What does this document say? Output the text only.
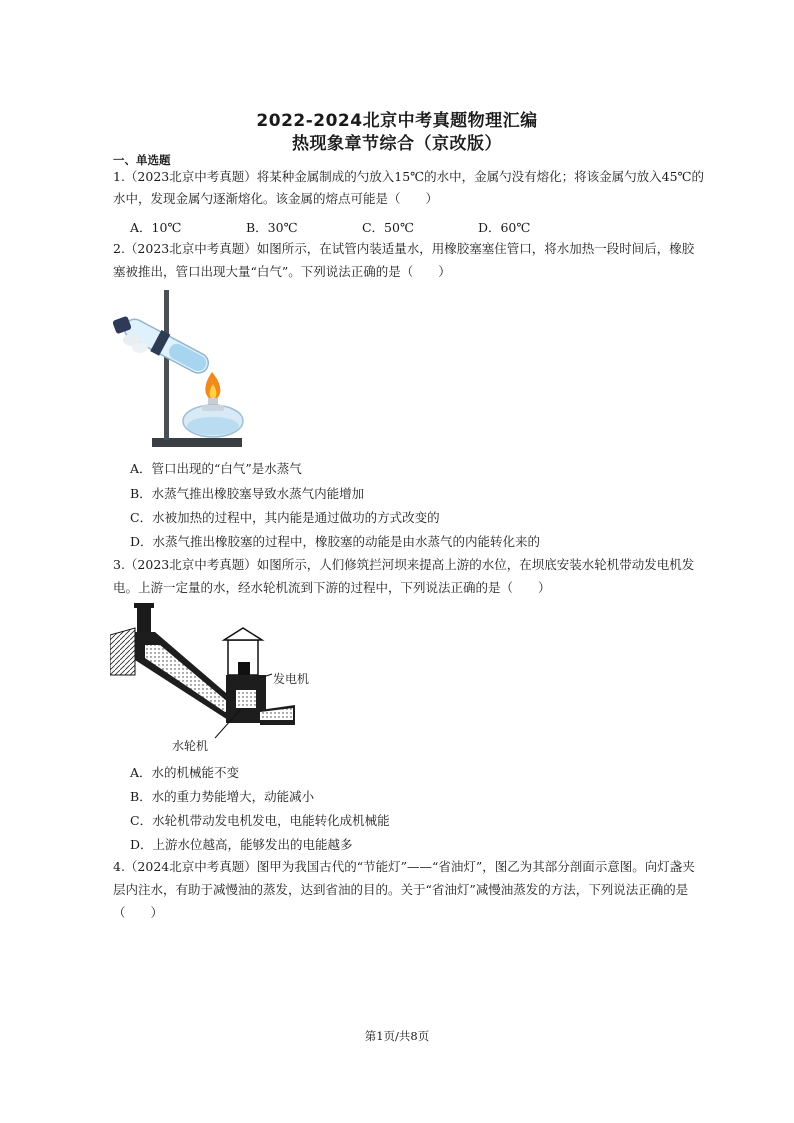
2022-2024北京中考真题物理汇编
热现象章节综合（京改版）
一、单选题
1.（2023北京中考真题）将某种金属制成的勺放入15℃的水中，金属勺没有熔化；将该金属勺放入45℃的
水中，发现金属勺逐渐熔化。该金属的熔点可能是（　　）
A．10℃	B．30℃	C．50℃	D．60℃
2.（2023北京中考真题）如图所示，在试管内装适量水，用橡胶塞塞住管口，将水加热一段时间后，橡胶
塞被推出，管口出现大量“白气”。下列说法正确的是（　　）
A．管口出现的“白气”是水蒸气
B．水蒸气推出橡胶塞导致水蒸气内能增加
C．水被加热的过程中，其内能是通过做功的方式改变的
D．水蒸气推出橡胶塞的过程中，橡胶塞的动能是由水蒸气的内能转化来的
3.（2023北京中考真题）如图所示，人们修筑拦河坝来提高上游的水位，在坝底安装水轮机带动发电机发
电。上游一定量的水，经水轮机流到下游的过程中，下列说法正确的是（　　）
发电机
水轮机
A．水的机械能不变
B．水的重力势能增大，动能减小
C．水轮机带动发电机发电，电能转化成机械能
D．上游水位越高，能够发出的电能越多
4.（2024北京中考真题）图甲为我国古代的“节能灯”——“省油灯”，图乙为其部分剖面示意图。向灯盏夹
层内注水，有助于减慢油的蒸发，达到省油的目的。关于“省油灯”减慢油蒸发的方法，下列说法正确的是
（　　）
第1页/共8页
